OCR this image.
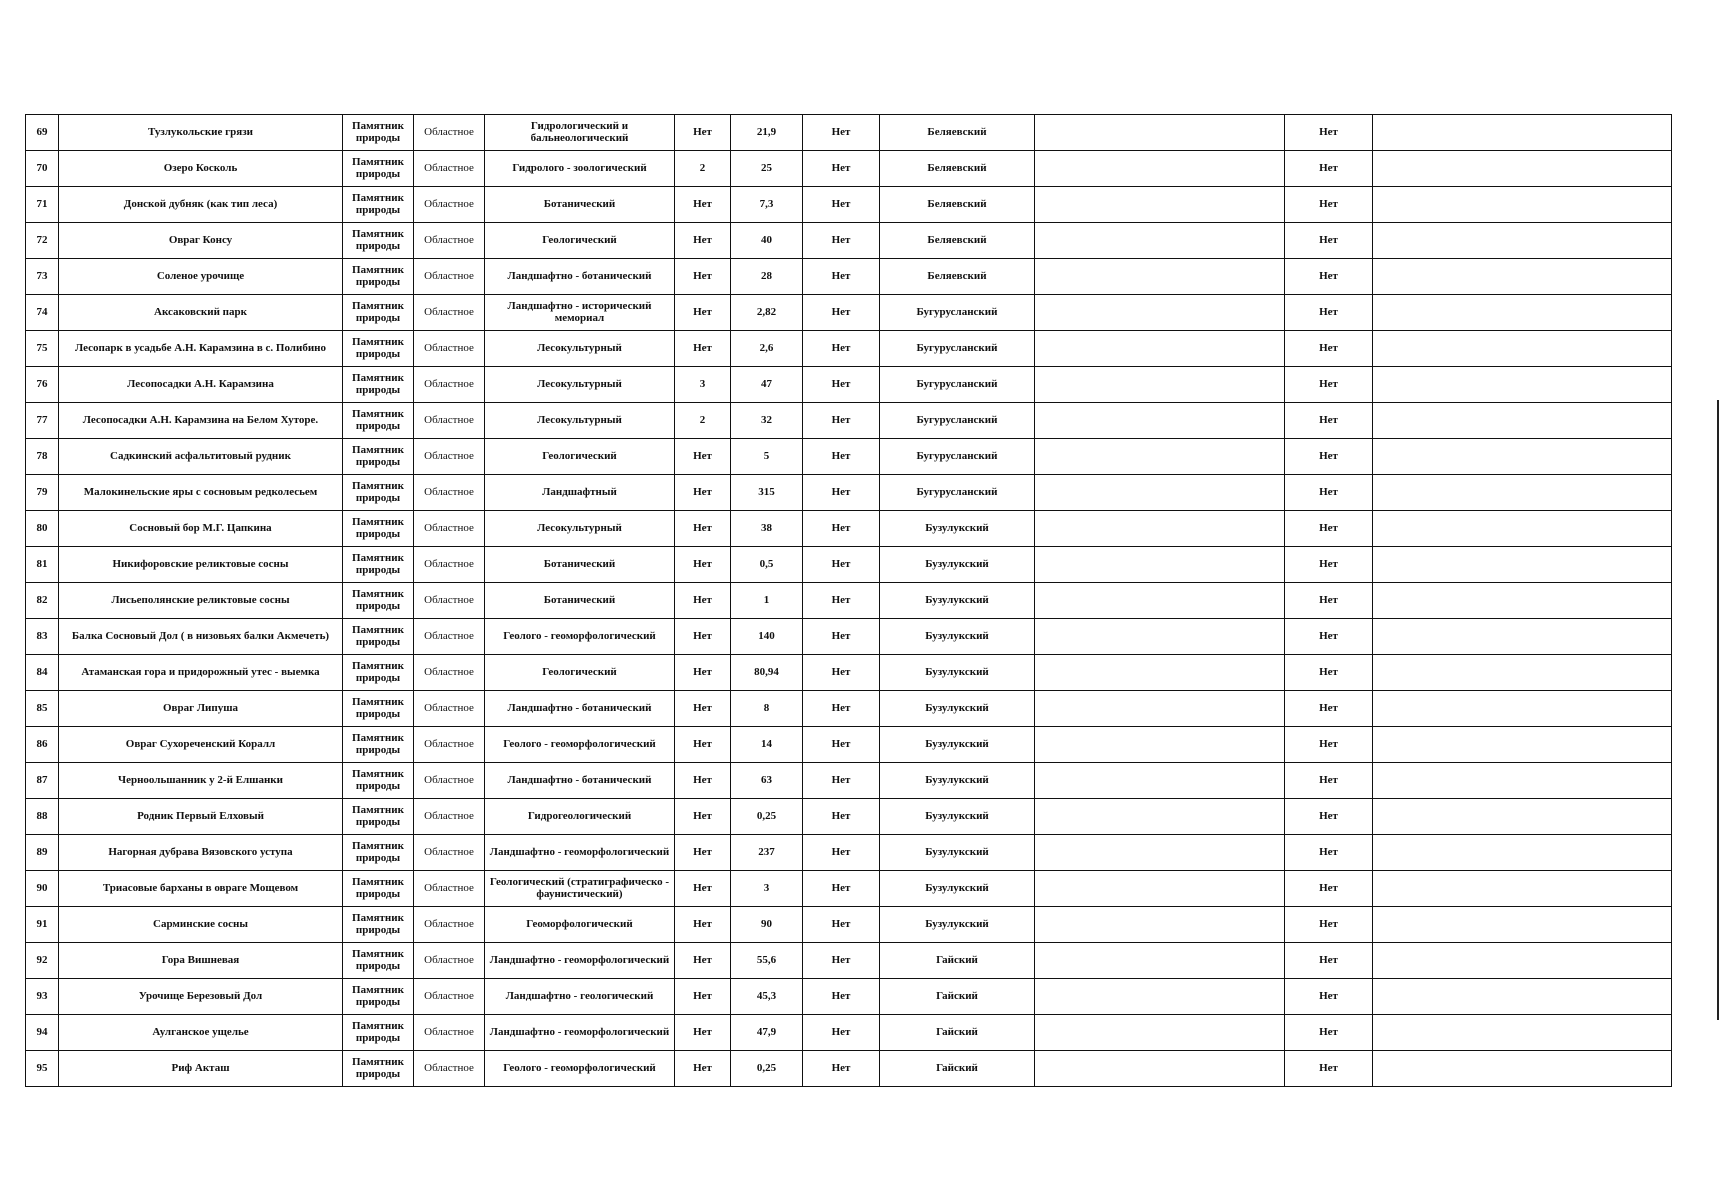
69	Тузлукольские грязи	Памятник природы	Областное	Гидрологический и бальнеологический	Нет	21,9	Нет	Беляевский		Нет	
70	Озеро Косколь	Памятник природы	Областное	Гидролого - зоологический	2	25	Нет	Беляевский		Нет	
71	Донской дубняк (как тип леса)	Памятник природы	Областное	Ботанический	Нет	7,3	Нет	Беляевский		Нет	
72	Овраг Консу	Памятник природы	Областное	Геологический	Нет	40	Нет	Беляевский		Нет	
73	Соленое урочище	Памятник природы	Областное	Ландшафтно - ботанический	Нет	28	Нет	Беляевский		Нет	
74	Аксаковский парк	Памятник природы	Областное	Ландшафтно - исторический мемориал	Нет	2,82	Нет	Бугурусланский		Нет	
75	Лесопарк в усадьбе А.Н. Карамзина в с. Полибино	Памятник природы	Областное	Лесокультурный	Нет	2,6	Нет	Бугурусланский		Нет	
76	Лесопосадки А.Н. Карамзина	Памятник природы	Областное	Лесокультурный	3	47	Нет	Бугурусланский		Нет	
77	Лесопосадки А.Н. Карамзина на Белом Хуторе.	Памятник природы	Областное	Лесокультурный	2	32	Нет	Бугурусланский		Нет	
78	Садкинский асфальтитовый рудник	Памятник природы	Областное	Геологический	Нет	5	Нет	Бугурусланский		Нет	
79	Малокинельские яры с сосновым редколесьем	Памятник природы	Областное	Ландшафтный	Нет	315	Нет	Бугурусланский		Нет	
80	Сосновый бор М.Г. Цапкина	Памятник природы	Областное	Лесокультурный	Нет	38	Нет	Бузулукский		Нет	
81	Никифоровские реликтовые сосны	Памятник природы	Областное	Ботанический	Нет	0,5	Нет	Бузулукский		Нет	
82	Лисьеполянские реликтовые сосны	Памятник природы	Областное	Ботанический	Нет	1	Нет	Бузулукский		Нет	
83	Балка Сосновый Дол ( в низовьях балки Акмечеть)	Памятник природы	Областное	Геолого - геоморфологический	Нет	140	Нет	Бузулукский		Нет	
84	Атаманская гора и придорожный утес - выемка	Памятник природы	Областное	Геологический	Нет	80,94	Нет	Бузулукский		Нет	
85	Овраг Липуша	Памятник природы	Областное	Ландшафтно - ботанический	Нет	8	Нет	Бузулукский		Нет	
86	Овраг Сухореченский Коралл	Памятник природы	Областное	Геолого - геоморфологический	Нет	14	Нет	Бузулукский		Нет	
87	Черноольшанник у 2-й Елшанки	Памятник природы	Областное	Ландшафтно - ботанический	Нет	63	Нет	Бузулукский		Нет	
88	Родник Первый Елховый	Памятник природы	Областное	Гидрогеологический	Нет	0,25	Нет	Бузулукский		Нет	
89	Нагорная дубрава Вязовского уступа	Памятник природы	Областное	Ландшафтно - геоморфологический	Нет	237	Нет	Бузулукский		Нет	
90	Триасовые барханы в овраге Мощевом	Памятник природы	Областное	Геологический (стратиграфическо - фаунистический)	Нет	3	Нет	Бузулукский		Нет	
91	Сарминские сосны	Памятник природы	Областное	Геоморфологический	Нет	90	Нет	Бузулукский		Нет	
92	Гора Вишневая	Памятник природы	Областное	Ландшафтно - геоморфологический	Нет	55,6	Нет	Гайский		Нет	
93	Урочище Березовый Дол	Памятник природы	Областное	Ландшафтно - геологический	Нет	45,3	Нет	Гайский		Нет	
94	Аулганское ущелье	Памятник природы	Областное	Ландшафтно - геоморфологический	Нет	47,9	Нет	Гайский		Нет	
95	Риф Акташ	Памятник природы	Областное	Геолого - геоморфологический	Нет	0,25	Нет	Гайский		Нет	
